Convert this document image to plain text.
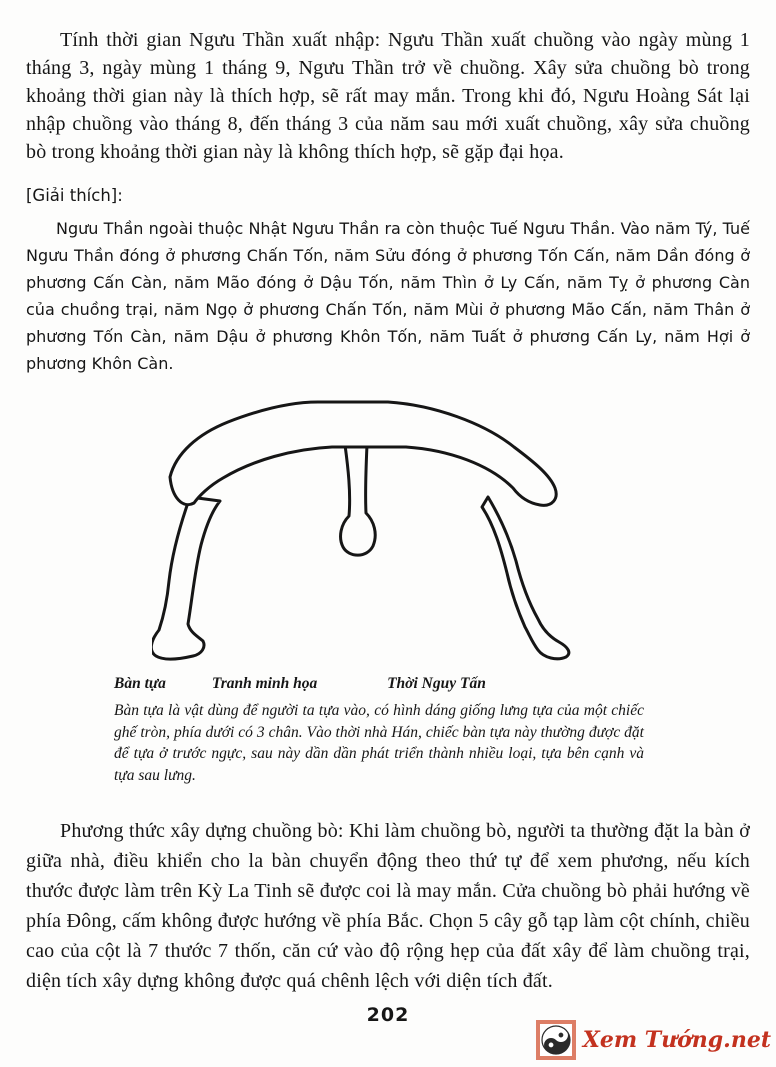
Tính thời gian Ngưu Thần xuất nhập: Ngưu Thần xuất chuồng vào ngày mùng 1 tháng 3, ngày mùng 1 tháng 9, Ngưu Thần trở về chuồng. Xây sửa chuồng bò trong khoảng thời gian này là thích hợp, sẽ rất may mắn. Trong khi đó, Ngưu Hoàng Sát lại nhập chuồng vào tháng 8, đến tháng 3 của năm sau mới xuất chuồng, xây sửa chuồng bò trong khoảng thời gian này là không thích hợp, sẽ gặp đại họa.

[Giải thích]:

Ngưu Thần ngoài thuộc Nhật Ngưu Thần ra còn thuộc Tuế Ngưu Thần. Vào năm Tý, Tuế Ngưu Thần đóng ở phương Chấn Tốn, năm Sửu đóng ở phương Tốn Cấn, năm Dần đóng ở phương Cấn Càn, năm Mão đóng ở Dậu Tốn, năm Thìn ở Ly Cấn, năm Tỵ ở phương Càn của chuồng trại, năm Ngọ ở phương Chấn Tốn, năm Mùi ở phương Mão Cấn, năm Thân ở phương Tốn Càn, năm Dậu ở phương Khôn Tốn, năm Tuất ở phương Cấn Ly, năm Hợi ở phương Khôn Càn.

Bàn tựa	Tranh minh họa	Thời Nguy Tấn
Bàn tựa là vật dùng để người ta tựa vào, có hình dáng giống lưng tựa của một chiếc ghế tròn, phía dưới có 3 chân. Vào thời nhà Hán, chiếc bàn tựa này thường được đặt để tựa ở trước ngực, sau này dần dần phát triển thành nhiều loại, tựa bên cạnh và tựa sau lưng.

Phương thức xây dựng chuồng bò: Khi làm chuồng bò, người ta thường đặt la bàn ở giữa nhà, điều khiển cho la bàn chuyển động theo thứ tự để xem phương, nếu kích thước được làm trên Kỳ La Tinh sẽ được coi là may mắn. Cửa chuồng bò phải hướng về phía Đông, cấm không được hướng về phía Bắc. Chọn 5 cây gỗ tạp làm cột chính, chiều cao của cột là 7 thước 7 thốn, căn cứ vào độ rộng hẹp của đất xây để làm chuồng trại, diện tích xây dựng không được quá chênh lệch với diện tích đất.

202
Xem Tướng.net
